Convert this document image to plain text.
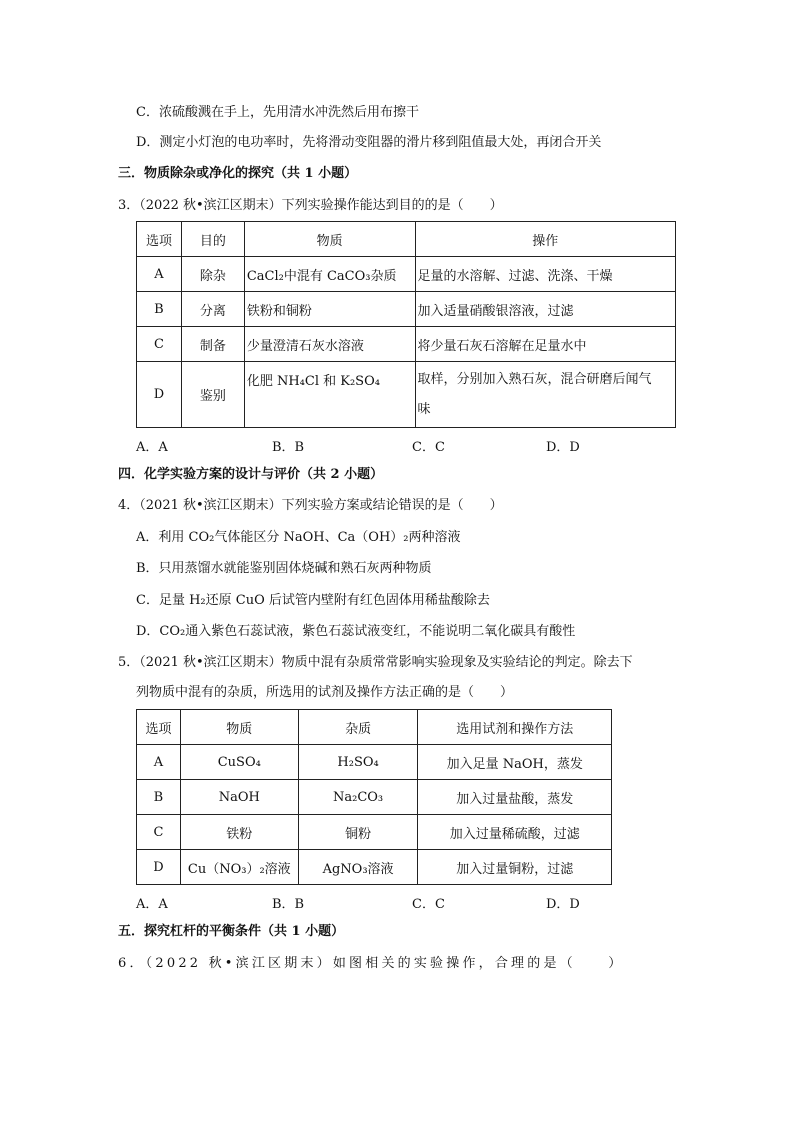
C．浓硫酸溅在手上，先用清水冲洗然后用布擦干
D．测定小灯泡的电功率时，先将滑动变阻器的滑片移到阻值最大处，再闭合开关
三．物质除杂或净化的探究（共 1 小题）
3．（2022 秋•滨江区期末）下列实验操作能达到目的的是（　　）
选项	目的	物质	操作
A	除杂	CaCl₂中混有 CaCO₃杂质	足量的水溶解、过滤、洗涤、干燥
B	分离	铁粉和铜粉	加入适量硝酸银溶液，过滤
C	制备	少量澄清石灰水溶液	将少量石灰石溶解在足量水中
D	鉴别	化肥 NH₄Cl 和 K₂SO₄	取样，分别加入熟石灰，混合研磨后闻气
味
A．A	B．B	C．C	D．D
四．化学实验方案的设计与评价（共 2 小题）
4．（2021 秋•滨江区期末）下列实验方案或结论错误的是（　　）
A．利用 CO₂气体能区分 NaOH、Ca（OH）₂两种溶液
B．只用蒸馏水就能鉴别固体烧碱和熟石灰两种物质
C．足量 H₂还原 CuO 后试管内壁附有红色固体用稀盐酸除去
D．CO₂通入紫色石蕊试液，紫色石蕊试液变红，不能说明二氧化碳具有酸性
5．（2021 秋•滨江区期末）物质中混有杂质常常影响实验现象及实验结论的判定。除去下
列物质中混有的杂质，所选用的试剂及操作方法正确的是（　　）
选项	物质	杂质	选用试剂和操作方法
A	CuSO₄	H₂SO₄	加入足量 NaOH，蒸发
B	NaOH	Na₂CO₃	加入过量盐酸，蒸发
C	铁粉	铜粉	加入过量稀硫酸，过滤
D	Cu（NO₃）₂溶液	AgNO₃溶液	加入过量铜粉，过滤
A．A	B．B	C．C	D．D
五．探究杠杆的平衡条件（共 1 小题）
6．（2022 秋•滨江区期末）如图相关的实验操作，合理的是（　　）
